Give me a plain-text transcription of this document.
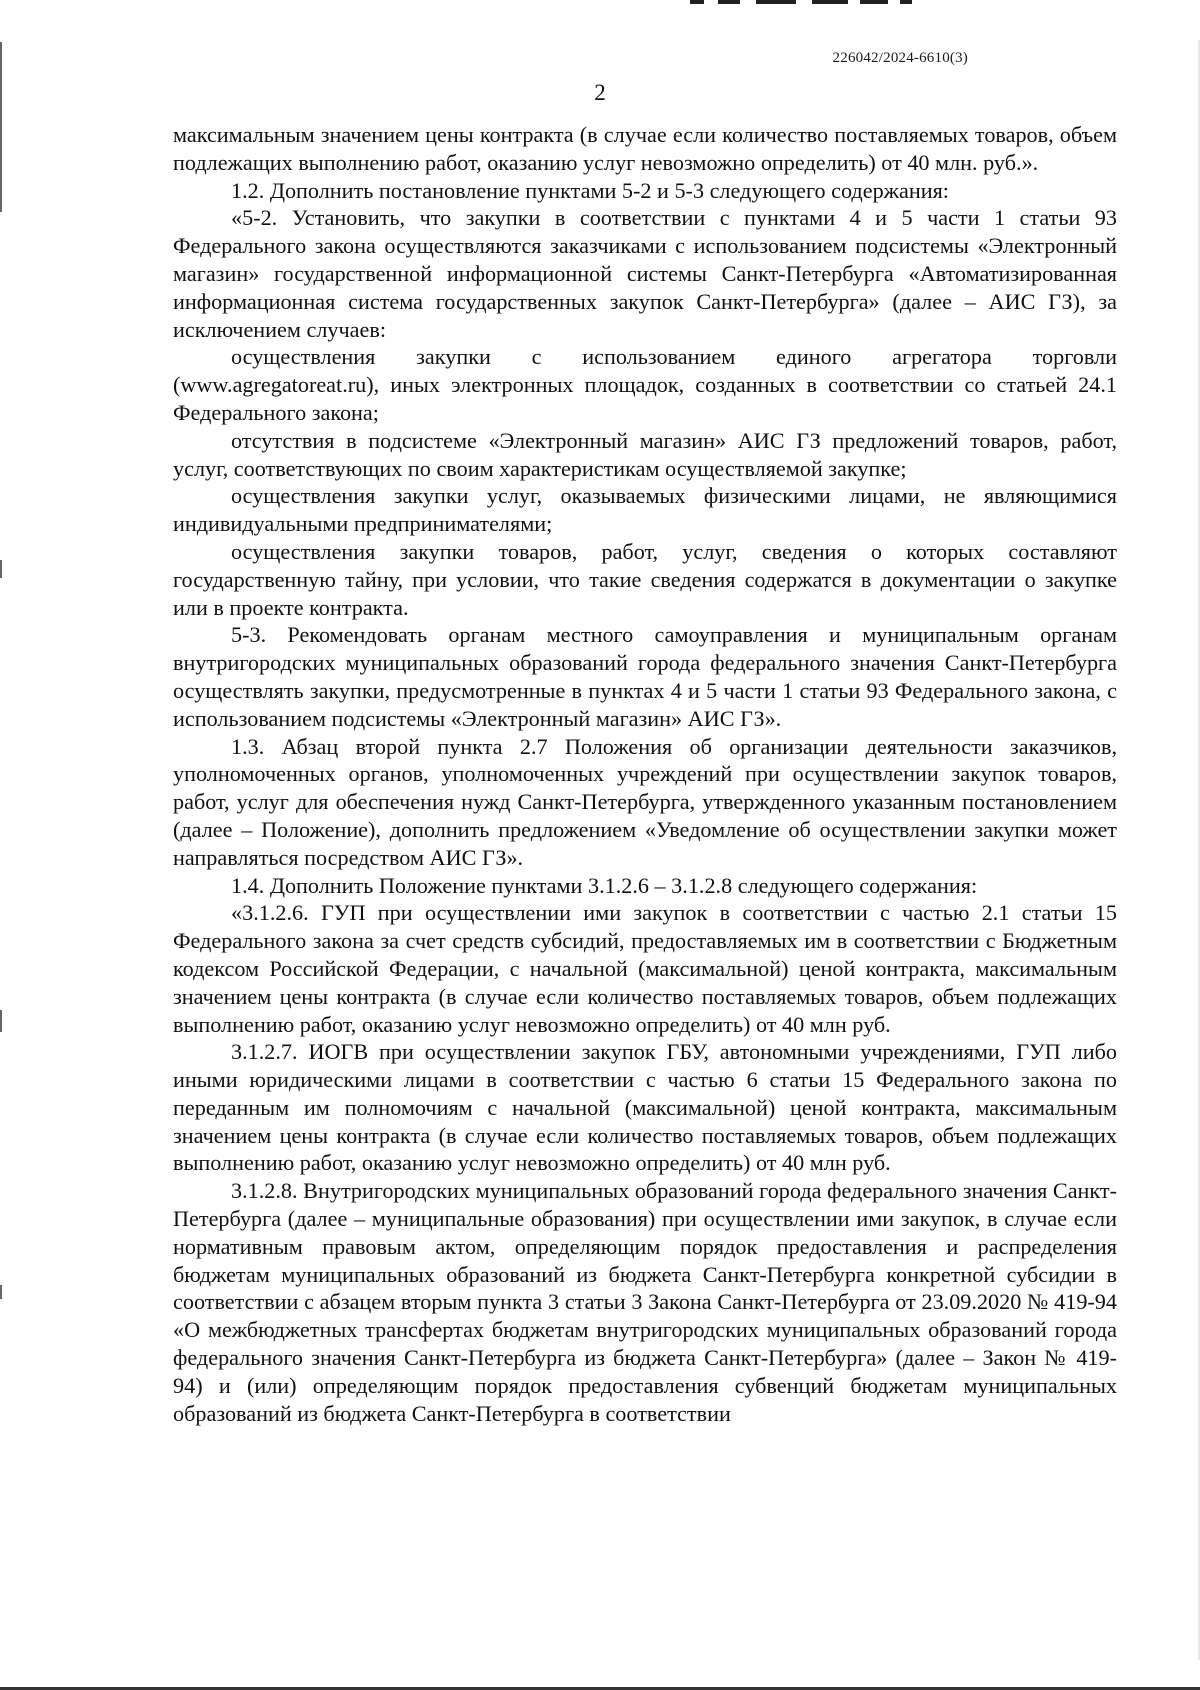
226042/2024-6610(3)
2

максимальным значением цены контракта (в случае если количество поставляемых товаров, объем подлежащих выполнению работ, оказанию услуг невозможно определить) от 40 млн. руб.».

1.2. Дополнить постановление пунктами 5-2 и 5-3 следующего содержания:

«5-2. Установить, что закупки в соответствии с пунктами 4 и 5 части 1 статьи 93 Федерального закона осуществляются заказчиками с использованием подсистемы «Электронный магазин» государственной информационной системы Санкт-Петербурга «Автоматизированная информационная система государственных закупок Санкт-Петербурга» (далее – АИС ГЗ), за исключением случаев:

осуществления закупки с использованием единого агрегатора торговли (www.agregatoreat.ru), иных электронных площадок, созданных в соответствии со статьей 24.1 Федерального закона;

отсутствия в подсистеме «Электронный магазин» АИС ГЗ предложений товаров, работ, услуг, соответствующих по своим характеристикам осуществляемой закупке;

осуществления закупки услуг, оказываемых физическими лицами, не являющимися индивидуальными предпринимателями;

осуществления закупки товаров, работ, услуг, сведения о которых составляют государственную тайну, при условии, что такие сведения содержатся в документации о закупке или в проекте контракта.

5-3. Рекомендовать органам местного самоуправления и муниципальным органам внутригородских муниципальных образований города федерального значения Санкт-Петербурга осуществлять закупки, предусмотренные в пунктах 4 и 5 части 1 статьи 93 Федерального закона, с использованием подсистемы «Электронный магазин» АИС ГЗ».

1.3. Абзац второй пункта 2.7 Положения об организации деятельности заказчиков, уполномоченных органов, уполномоченных учреждений при осуществлении закупок товаров, работ, услуг для обеспечения нужд Санкт-Петербурга, утвержденного указанным постановлением (далее – Положение), дополнить предложением «Уведомление об осуществлении закупки может направляться посредством АИС ГЗ».

1.4. Дополнить Положение пунктами 3.1.2.6 – 3.1.2.8 следующего содержания:

«3.1.2.6. ГУП при осуществлении ими закупок в соответствии с частью 2.1 статьи 15 Федерального закона за счет средств субсидий, предоставляемых им в соответствии с Бюджетным кодексом Российской Федерации, с начальной (максимальной) ценой контракта, максимальным значением цены контракта (в случае если количество поставляемых товаров, объем подлежащих выполнению работ, оказанию услуг невозможно определить) от 40 млн руб.

3.1.2.7. ИОГВ при осуществлении закупок ГБУ, автономными учреждениями, ГУП либо иными юридическими лицами в соответствии с частью 6 статьи 15 Федерального закона по переданным им полномочиям с начальной (максимальной) ценой контракта, максимальным значением цены контракта (в случае если количество поставляемых товаров, объем подлежащих выполнению работ, оказанию услуг невозможно определить) от 40 млн руб.

3.1.2.8. Внутригородских муниципальных образований города федерального значения Санкт-Петербурга (далее – муниципальные образования) при осуществлении ими закупок, в случае если нормативным правовым актом, определяющим порядок предоставления и распределения бюджетам муниципальных образований из бюджета Санкт-Петербурга конкретной субсидии в соответствии с абзацем вторым пункта 3 статьи 3 Закона Санкт-Петербурга от 23.09.2020 № 419-94 «О межбюджетных трансфертах бюджетам внутригородских муниципальных образований города федерального значения Санкт-Петербурга из бюджета Санкт-Петербурга» (далее – Закон № 419-94) и (или) определяющим порядок предоставления субвенций бюджетам муниципальных образований из бюджета Санкт-Петербурга в соответствии
